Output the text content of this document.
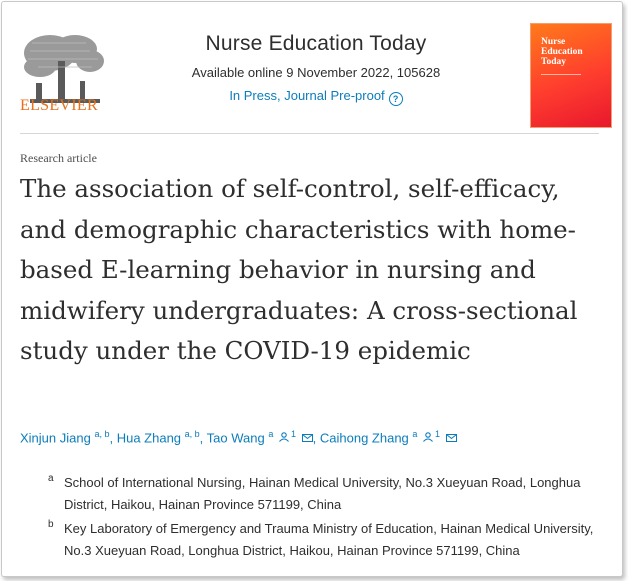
ELSEVIER
Nurse Education Today
Available online 9 November 2022, 105628
In Press, Journal Pre-proof ?
Nurse Education Today
Research article
The association of self-control, self-efficacy, and demographic characteristics with home-based E-learning behavior in nursing and midwifery undergraduates: A cross-sectional study under the COVID-19 epidemic
Xinjun Jiang $^{a, b}$, Hua Zhang $^{a, b}$, Tao Wang $^a$ $^1$ , Caihong Zhang $^a$ $^1$
a School of International Nursing, Hainan Medical University, No.3 Xueyuan Road, Longhua District, Haikou, Hainan Province 571199, China
b Key Laboratory of Emergency and Trauma Ministry of Education, Hainan Medical University, No.3 Xueyuan Road, Longhua District, Haikou, Hainan Province 571199, China
